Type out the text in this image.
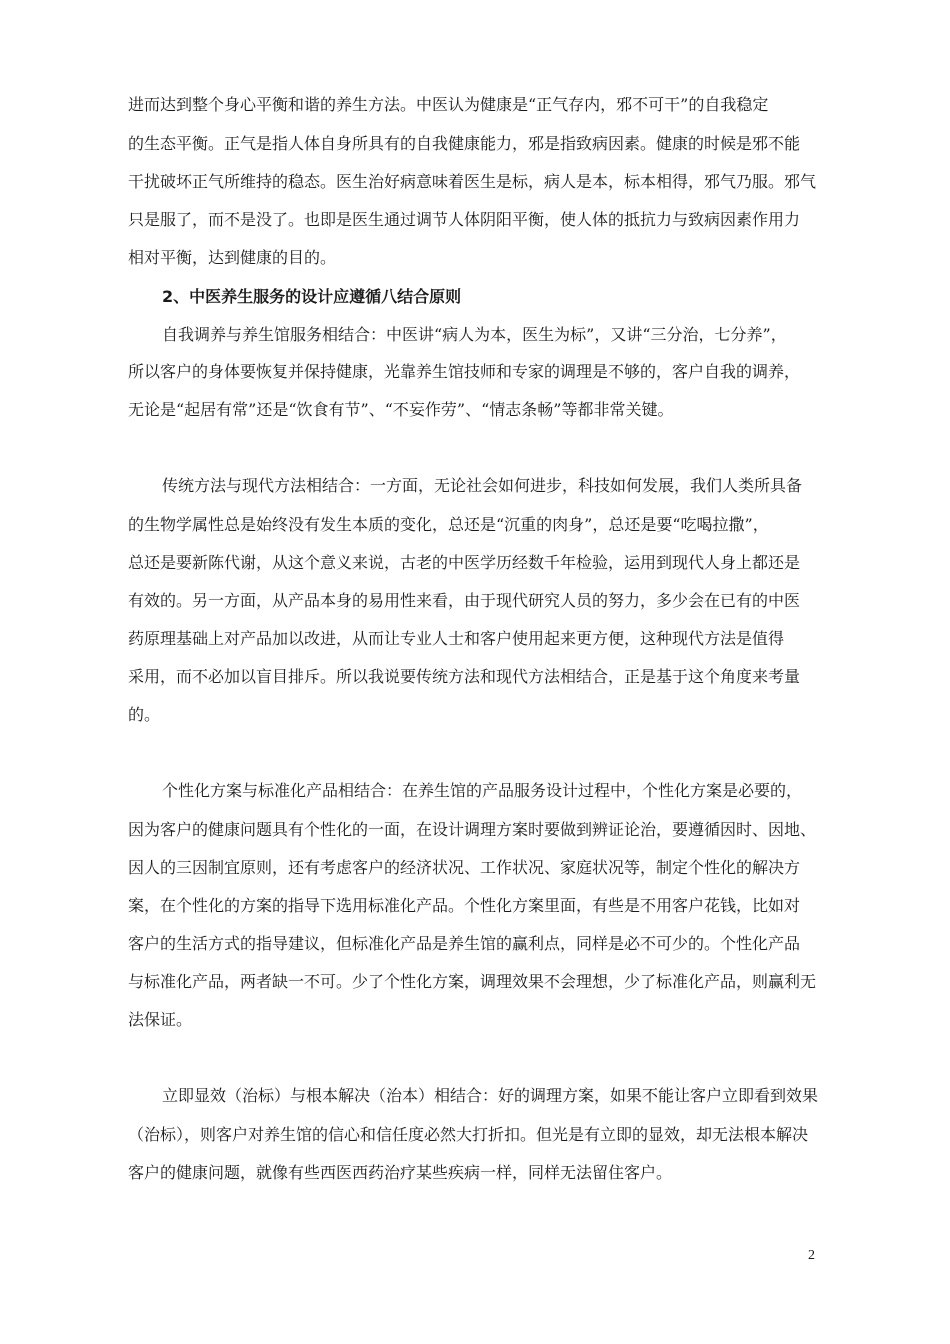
进而达到整个身心平衡和谐的养生方法。中医认为健康是“正气存内，邪不可干”的自我稳定
的生态平衡。正气是指人体自身所具有的自我健康能力，邪是指致病因素。健康的时候是邪不能
干扰破坏正气所维持的稳态。医生治好病意味着医生是标，病人是本，标本相得，邪气乃服。邪气
只是服了，而不是没了。也即是医生通过调节人体阴阳平衡，使人体的抵抗力与致病因素作用力
相对平衡，达到健康的目的。
2、中医养生服务的设计应遵循八结合原则
自我调养与养生馆服务相结合：中医讲“病人为本，医生为标”，又讲“三分治，七分养”，
所以客户的身体要恢复并保持健康，光靠养生馆技师和专家的调理是不够的，客户自我的调养，
无论是“起居有常”还是“饮食有节”、“不妄作劳”、“情志条畅”等都非常关键。
传统方法与现代方法相结合：一方面，无论社会如何进步，科技如何发展，我们人类所具备
的生物学属性总是始终没有发生本质的变化，总还是“沉重的肉身”，总还是要“吃喝拉撒”，
总还是要新陈代谢，从这个意义来说，古老的中医学历经数千年检验，运用到现代人身上都还是
有效的。另一方面，从产品本身的易用性来看，由于现代研究人员的努力，多少会在已有的中医
药原理基础上对产品加以改进，从而让专业人士和客户使用起来更方便，这种现代方法是值得
采用，而不必加以盲目排斥。所以我说要传统方法和现代方法相结合，正是基于这个角度来考量
的。
个性化方案与标准化产品相结合：在养生馆的产品服务设计过程中，个性化方案是必要的，
因为客户的健康问题具有个性化的一面，在设计调理方案时要做到辨证论治，要遵循因时、因地、
因人的三因制宜原则，还有考虑客户的经济状况、工作状况、家庭状况等，制定个性化的解决方
案，在个性化的方案的指导下选用标准化产品。个性化方案里面，有些是不用客户花钱，比如对
客户的生活方式的指导建议，但标准化产品是养生馆的赢利点，同样是必不可少的。个性化产品
与标准化产品，两者缺一不可。少了个性化方案，调理效果不会理想，少了标准化产品，则赢利无
法保证。
立即显效（治标）与根本解决（治本）相结合：好的调理方案，如果不能让客户立即看到效果
（治标），则客户对养生馆的信心和信任度必然大打折扣。但光是有立即的显效，却无法根本解决
客户的健康问题，就像有些西医西药治疗某些疾病一样，同样无法留住客户。
2
